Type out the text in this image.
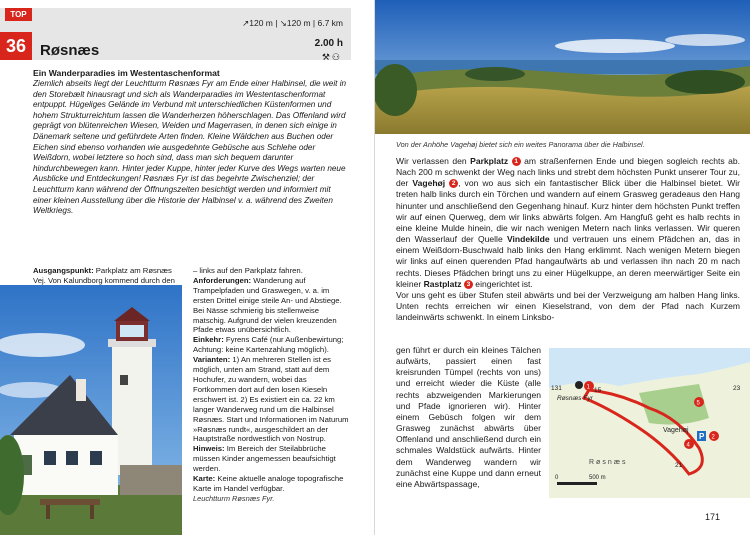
TOP
36 Røsnæs
↗120 m | ↘120 m | 6.7 km
2.00 h
⚒⚇

Ein Wanderparadies im Westentaschenformat

Ziemlich abseits liegt der Leuchtturm Røsnæs Fyr am Ende einer Halbinsel, die weit in den Storebælt hinausragt und sich als Wanderparadies im Westentaschenformat entpuppt. Hügeliges Gelände im Verbund mit unterschiedlichen Küstenformen und hohem Strukturreichtum lassen die Wanderherzen höherschlagen. Das Offenland wird geprägt von blütenreichen Wiesen, Weiden und Magerrasen, in denen sich einige in Dänemark seltene und geführdete Arten finden. Kleine Wäldchen aus Buchen oder Eichen sind ebenso vorhanden wie ausgedehnte Gebüsche aus Schlehe oder Weißdorn, wobei letztere so hoch sind, dass man sich bequem darunter hindurchbewegen kann. Hinter jeder Kuppe, hinter jeder Kurve des Wegs warten neue Ausblicke und Entdeckungen! Røsnæs Fyr ist das begehrte Zwischenziel; der Leuchtturm kann während der Öffnungszeiten besichtigt werden und informiert mit einer kleinen Ausstellung über die Historie der Halbinsel v. a. während des Zweiten Weltkriegs.

Ausgangspunkt: Parkplatz am Røsnæs Vej. Von Kalundborg kommend durch den

– links auf den Parkplatz fahren.

Anforderungen: Wanderung auf Trampelpfaden und Graswegen, v. a. im ersten Drittel einige steile An- und Abstiege. Bei Nässe schmierig bis stellenweise matschig. Aufgrund der vielen kreuzenden Pfade etwas unübersichtlich.

Einkehr: Fyrens Café (nur Außenbewirtung; Achtung: keine Kartenzahlung möglich).

Varianten: 1) An mehreren Stellen ist es möglich, unten am Strand, statt auf dem Hochufer, zu wandern, wobei das Fortkommen dort auf den losen Kieseln erschwert ist. 2) Es existiert ein ca. 22 km langer Wanderweg rund um die Halbinsel Røsnæs. Start und Informationen im Naturum »Røsnæs rundt«, ausgeschildert an der Hauptstraße nordwestlich von Nostrup.

Hinweis: Im Bereich der Steilabbrüche müssen Kinder angemessen beaufsichtigt werden.

Karte: Keine aktuelle analoge topografische Karte im Handel verfügbar.

Leuchtturm Røsnæs Fyr.
Von der Anhöhe Vagehøj bietet sich ein weites Panorama über die Halbinsel.

Wir verlassen den Parkplatz 1 am straßenfernen Ende und biegen sogleich rechts ab. Nach 200 m schwenkt der Weg nach links und strebt dem höchsten Punkt unserer Tour zu, der Vagehøj 2 , von wo aus sich ein fantastischer Blick über die Halbinsel bietet. Wir treten halb links durch ein Törchen und wandern auf einem Grasweg geradeaus den Hang hinunter und anschließend den Gegenhang hinauf. Kurz hinter dem höchsten Punkt treffen wir auf einen Querweg, dem wir links abwärts folgen. Am Hangfuß geht es halb rechts in eine kleine Mulde hinein, die wir nach wenigen Metern nach links verlassen. Wir queren den Wasserlauf der Quelle Vindekilde und vertrauen uns einem Pfädchen an, das in einem Weißdorn-Buschwald halb links den Hang erklimmt. Nach wenigen Metern biegen wir links auf einen querenden Pfad hangaufwärts ab und verlassen ihn nach 20 m nach rechts. Dieses Pfädchen bringt uns zu einer Hügelkuppe, an deren meerwärtiger Seite ein kleiner Rastplatz 3 eingerichtet ist.

Vor uns geht es über Stufen steil abwärts und bei der Verzweigung am halben Hang links. Unten rechts erreichen wir einen Kieselstrand, von dem der Pfad nach Kurzem landeinwärts schwenkt. In einem Linksbo-

gen führt er durch ein kleines Tälchen aufwärts, passiert einen fast kreisrunden Tümpel (rechts von uns) und erreicht wieder die Küste (alle rechts abzweigenden Markierungen und Pfade ignorieren wir). Hinter einem Gebüsch folgen wir dem Grasweg zunächst abwärts über Offenland und anschließend durch ein schmales Waldstück aufwärts. Hinter dem Wanderweg wandern wir zunächst eine Kuppe und dann erneut eine Abwärtspassage,

1
4
5
2
P
131	15	23
21
Røsnæs Fyr
Vagehøj
Røsnæs
0	500 m
171
